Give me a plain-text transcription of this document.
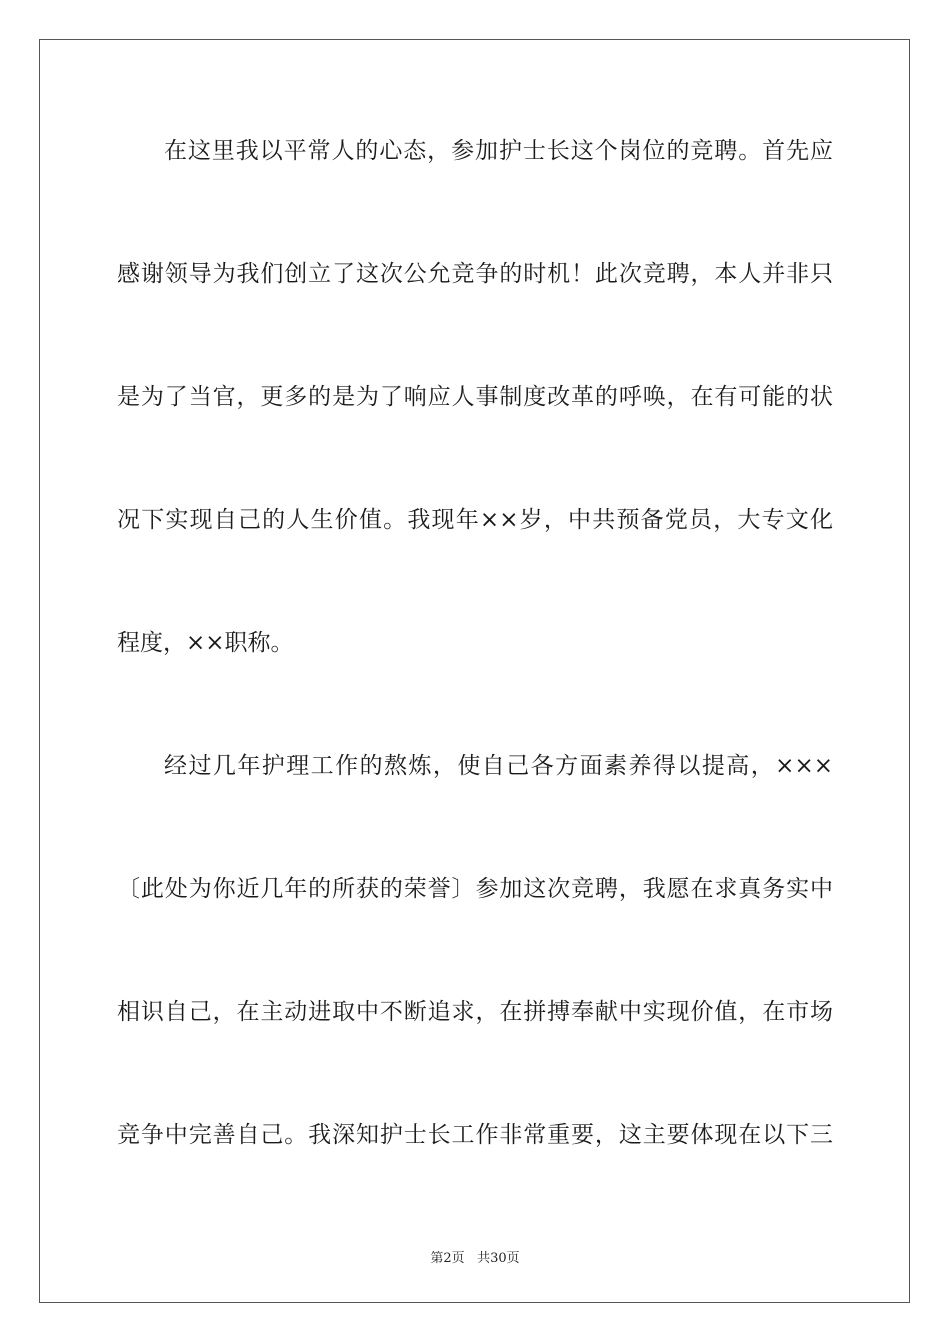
在这里我以平常人的心态，参加护士长这个岗位的竞聘。首先应
感谢领导为我们创立了这次公允竞争的时机！此次竞聘，本人并非只
是为了当官，更多的是为了响应人事制度改革的呼唤，在有可能的状
况下实现自己的人生价值。我现年××岁，中共预备党员，大专文化
程度，××职称。
经过几年护理工作的熬炼，使自己各方面素养得以提高，×××
〔此处为你近几年的所获的荣誉〕参加这次竞聘，我愿在求真务实中
相识自己，在主动进取中不断追求，在拼搏奉献中实现价值，在市场
竞争中完善自己。我深知护士长工作非常重要，这主要体现在以下三
第2页 共30页
